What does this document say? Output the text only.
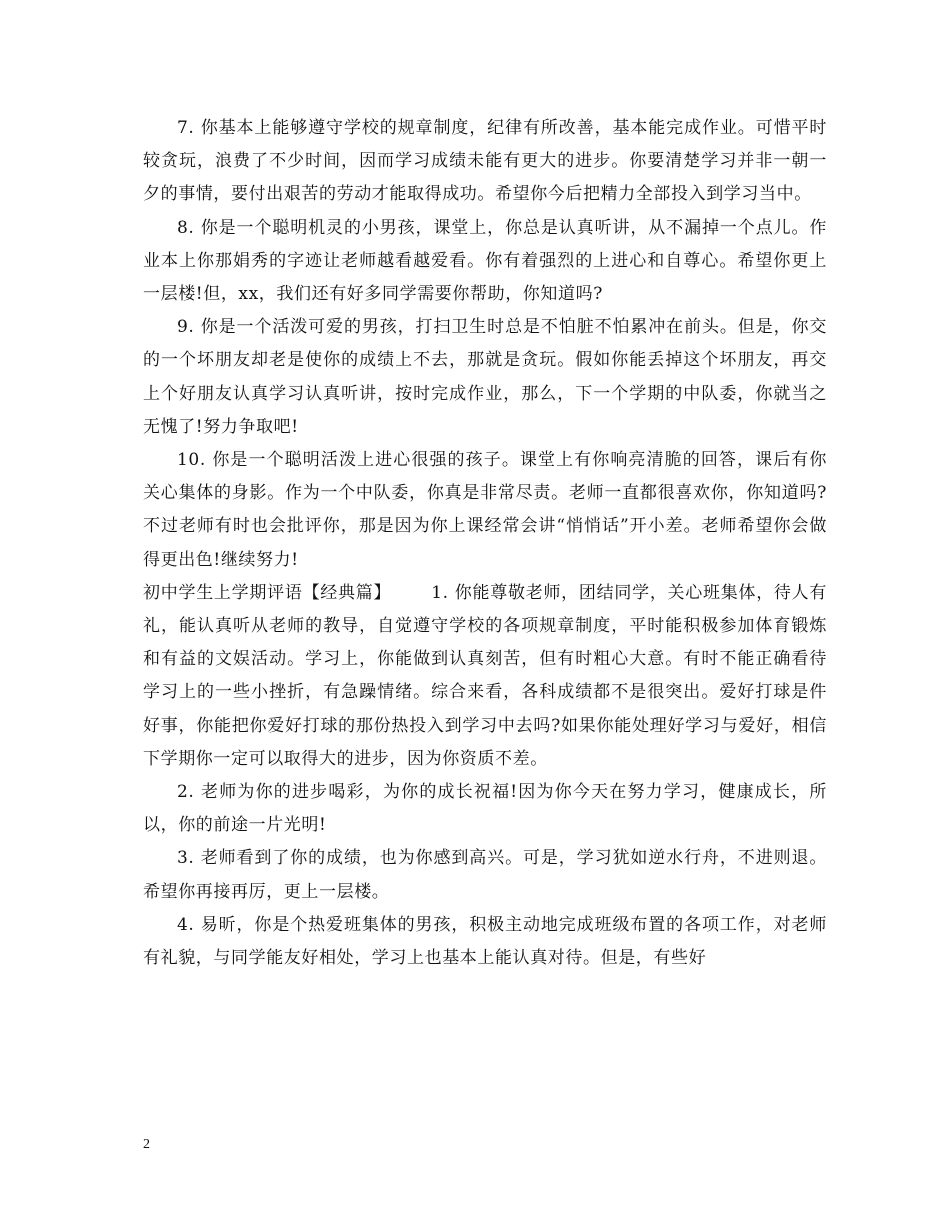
7. 你基本上能够遵守学校的规章制度，纪律有所改善，基本能完成作业。可惜平时较贪玩，浪费了不少时间，因而学习成绩未能有更大的进步。你要清楚学习并非一朝一夕的事情，要付出艰苦的劳动才能取得成功。希望你今后把精力全部投入到学习当中。

8. 你是一个聪明机灵的小男孩，课堂上，你总是认真听讲，从不漏掉一个点儿。作业本上你那娟秀的字迹让老师越看越爱看。你有着强烈的上进心和自尊心。希望你更上一层楼!但，xx，我们还有好多同学需要你帮助，你知道吗?

9. 你是一个活泼可爱的男孩，打扫卫生时总是不怕脏不怕累冲在前头。但是，你交的一个坏朋友却老是使你的成绩上不去，那就是贪玩。假如你能丢掉这个坏朋友，再交上个好朋友认真学习认真听讲，按时完成作业，那么，下一个学期的中队委，你就当之无愧了!努力争取吧!

10. 你是一个聪明活泼上进心很强的孩子。课堂上有你响亮清脆的回答，课后有你关心集体的身影。作为一个中队委，你真是非常尽责。老师一直都很喜欢你，你知道吗?不过老师有时也会批评你，那是因为你上课经常会讲“悄悄话”开小差。老师希望你会做得更出色!继续努力!

初中学生上学期评语【经典篇】 1. 你能尊敬老师，团结同学，关心班集体，待人有礼，能认真听从老师的教导，自觉遵守学校的各项规章制度，平时能积极参加体育锻炼和有益的文娱活动。学习上，你能做到认真刻苦，但有时粗心大意。有时不能正确看待学习上的一些小挫折，有急躁情绪。综合来看，各科成绩都不是很突出。爱好打球是件好事，你能把你爱好打球的那份热投入到学习中去吗?如果你能处理好学习与爱好，相信下学期你一定可以取得大的进步，因为你资质不差。

2. 老师为你的进步喝彩，为你的成长祝福!因为你今天在努力学习，健康成长，所以，你的前途一片光明!

3. 老师看到了你的成绩，也为你感到高兴。可是，学习犹如逆水行舟，不进则退。希望你再接再厉，更上一层楼。

4. 易昕，你是个热爱班集体的男孩，积极主动地完成班级布置的各项工作，对老师有礼貌，与同学能友好相处，学习上也基本上能认真对待。但是，有些好

2
